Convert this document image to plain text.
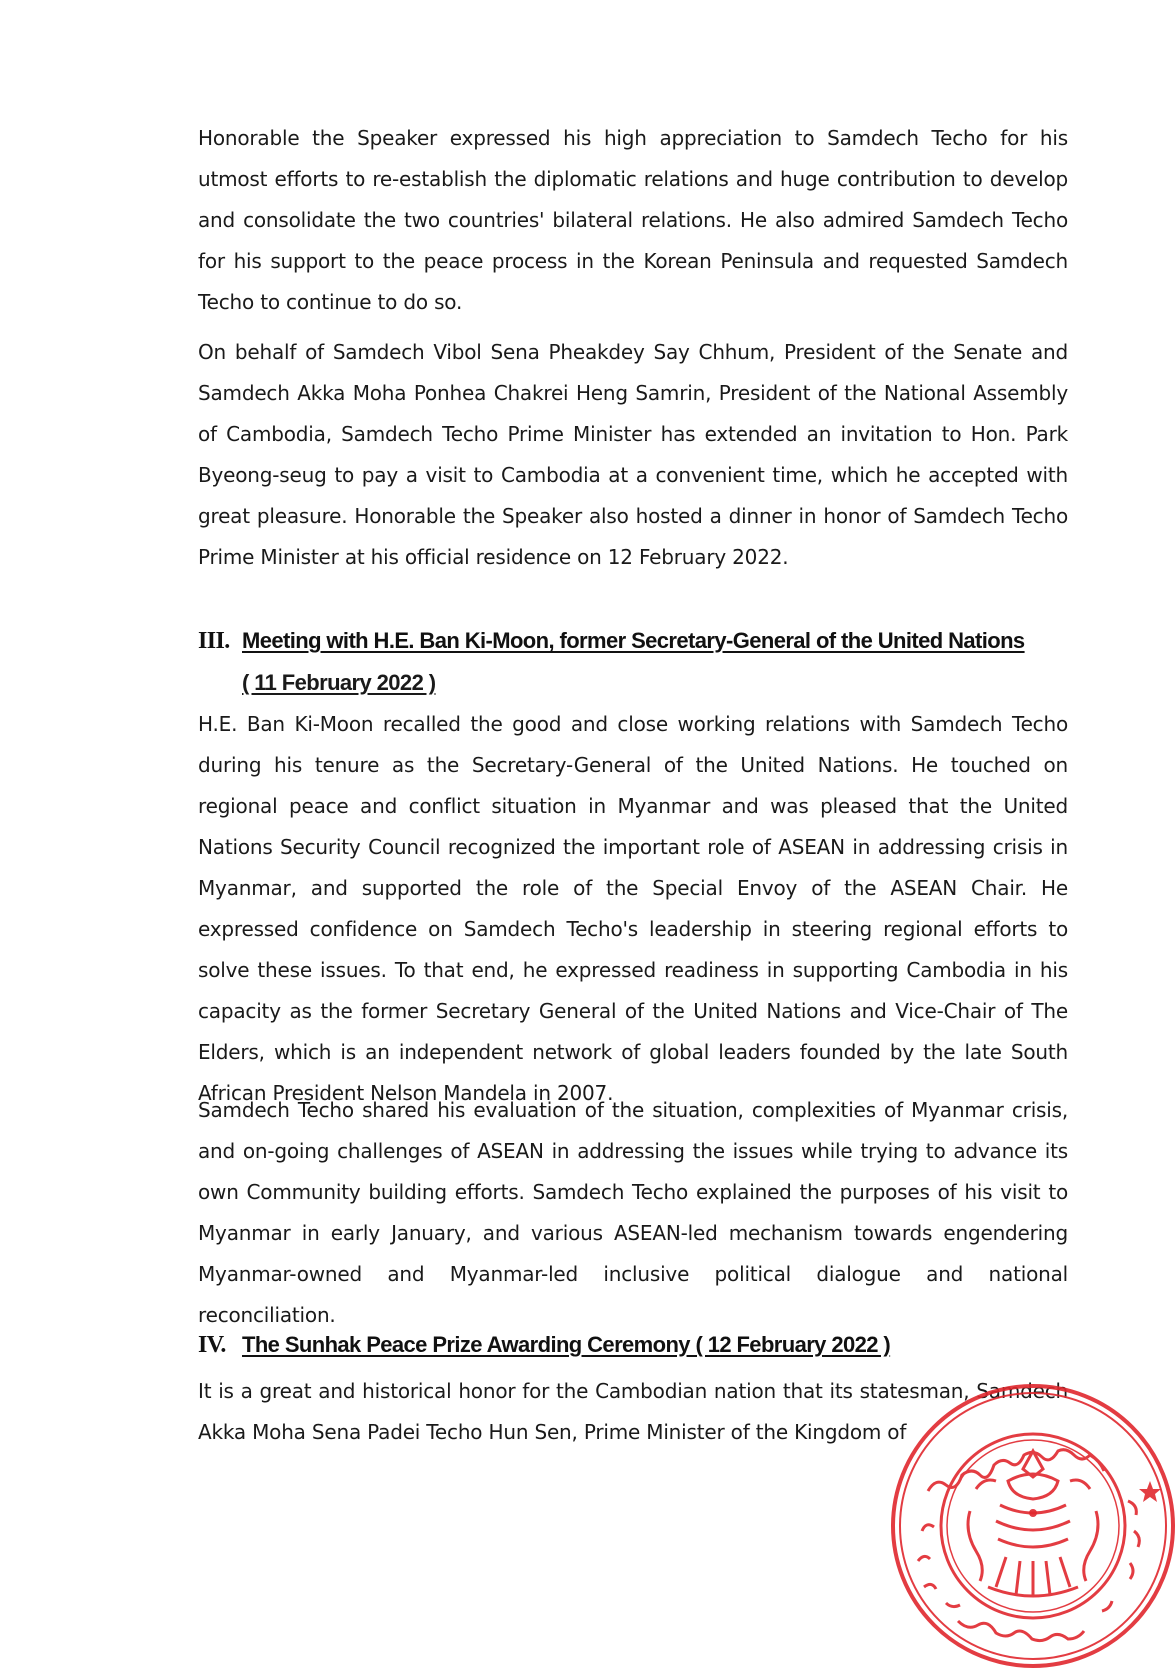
Honorable the Speaker expressed his high appreciation to Samdech Techo for his utmost efforts to re-establish the diplomatic relations and huge contribution to develop and consolidate the two countries' bilateral relations. He also admired Samdech Techo for his support to the peace process in the Korean Peninsula and requested Samdech Techo to continue to do so.

On behalf of Samdech Vibol Sena Pheakdey Say Chhum, President of the Senate and Samdech Akka Moha Ponhea Chakrei Heng Samrin, President of the National Assembly of Cambodia, Samdech Techo Prime Minister has extended an invitation to Hon. Park Byeong-seug to pay a visit to Cambodia at a convenient time, which he accepted with great pleasure. Honorable the Speaker also hosted a dinner in honor of Samdech Techo Prime Minister at his official residence on 12 February 2022.

III. Meeting with H.E. Ban Ki-Moon, former Secretary-General of the United Nations

( 11 February 2022 )

H.E. Ban Ki-Moon recalled the good and close working relations with Samdech Techo during his tenure as the Secretary-General of the United Nations. He touched on regional peace and conflict situation in Myanmar and was pleased that the United Nations Security Council recognized the important role of ASEAN in addressing crisis in Myanmar, and supported the role of the Special Envoy of the ASEAN Chair. He expressed confidence on Samdech Techo's leadership in steering regional efforts to solve these issues. To that end, he expressed readiness in supporting Cambodia in his capacity as the former Secretary General of the United Nations and Vice-Chair of The Elders, which is an independent network of global leaders founded by the late South African President Nelson Mandela in 2007.

Samdech Techo shared his evaluation of the situation, complexities of Myanmar crisis, and on-going challenges of ASEAN in addressing the issues while trying to advance its own Community building efforts. Samdech Techo explained the purposes of his visit to Myanmar in early January, and various ASEAN-led mechanism towards engendering Myanmar-owned and Myanmar-led inclusive political dialogue and national reconciliation.

IV. The Sunhak Peace Prize Awarding Ceremony ( 12 February 2022 )

It is a great and historical honor for the Cambodian nation that its statesman, Samdech Akka Moha Sena Padei Techo Hun Sen, Prime Minister of the Kingdom of
